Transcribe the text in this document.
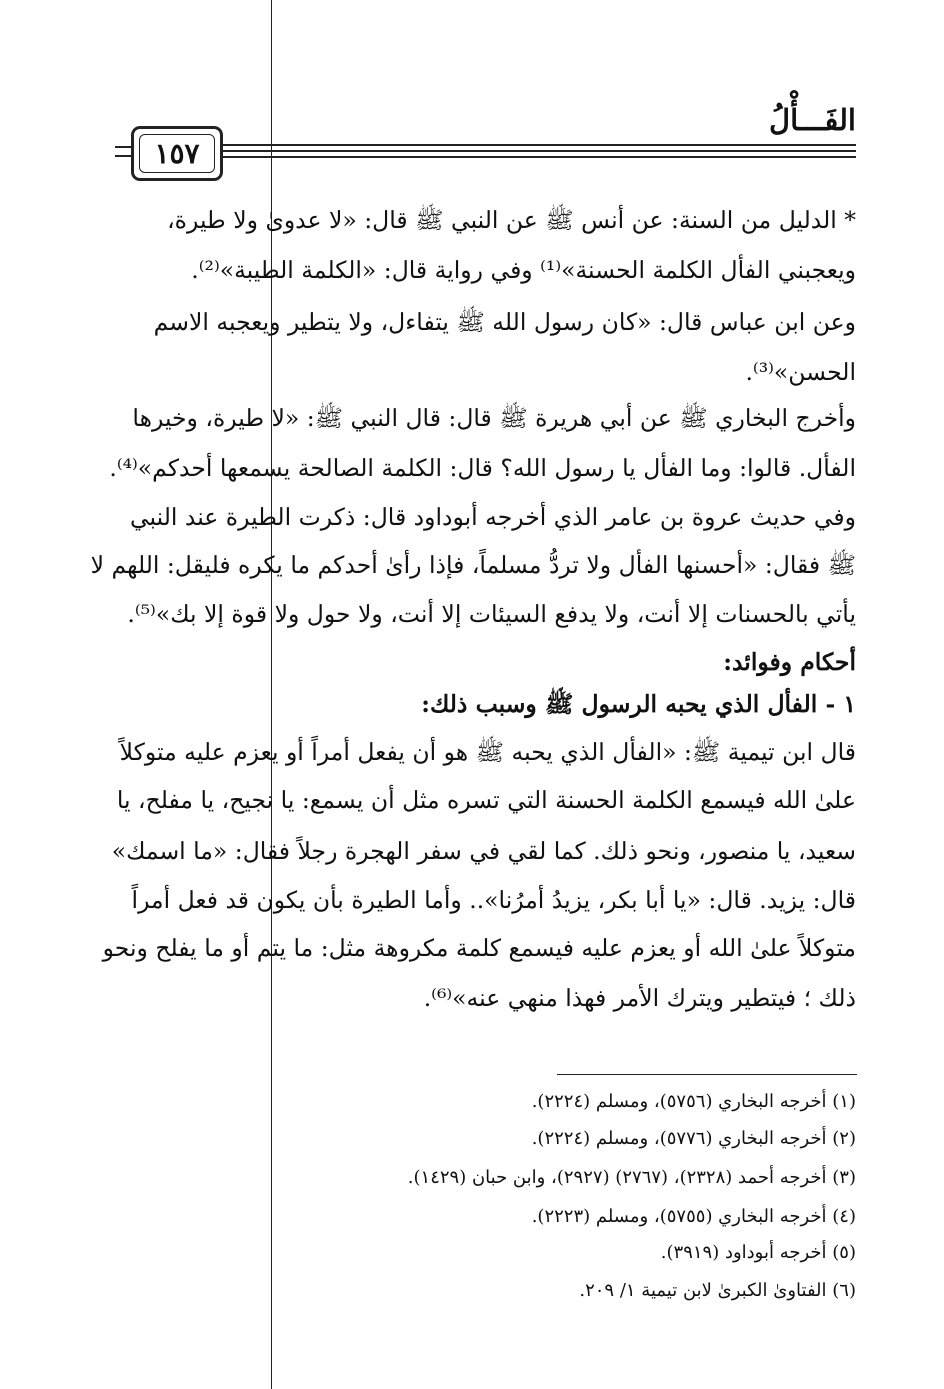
الفَـــأْلُ
١٥٧
* الدليل من السنة: عن أنس ﷺ عن النبي ﷺ قال: «لا عدوىٰ ولا طيرة،
ويعجبني الفأل الكلمة الحسنة»⁽¹⁾ وفي رواية قال: «الكلمة الطيبة»⁽²⁾.
وعن ابن عباس قال: «كان رسول الله ﷺ يتفاءل، ولا يتطير ويعجبه الاسم
الحسن»⁽³⁾.
وأخرج البخاري ﷺ عن أبي هريرة ﷺ قال: قال النبي ﷺ: «لا طيرة، وخيرها
الفأل. قالوا: وما الفأل يا رسول الله؟ قال: الكلمة الصالحة يسمعها أحدكم»⁽⁴⁾.
وفي حديث عروة بن عامر الذي أخرجه أبوداود قال: ذكرت الطيرة عند النبي
ﷺ فقال: «أحسنها الفأل ولا تردُّ مسلماً، فإذا رأىٰ أحدكم ما يكره فليقل: اللهم لا
يأتي بالحسنات إلا أنت، ولا يدفع السيئات إلا أنت، ولا حول ولا قوة إلا بك»⁽⁵⁾.
أحكام وفوائد:
١ - الفأل الذي يحبه الرسول ﷺ وسبب ذلك:
قال ابن تيمية ﷺ: «الفأل الذي يحبه ﷺ هو أن يفعل أمراً أو يعزم عليه متوكلاً
علىٰ الله فيسمع الكلمة الحسنة التي تسره مثل أن يسمع: يا نجيح، يا مفلح، يا
سعيد، يا منصور، ونحو ذلك. كما لقي في سفر الهجرة رجلاً فقال: «ما اسمك»
قال: يزيد. قال: «يا أبا بكر، يزيدُ أمرُنا».. وأما الطيرة بأن يكون قد فعل أمراً
متوكلاً علىٰ الله أو يعزم عليه فيسمع كلمة مكروهة مثل: ما يتم أو ما يفلح ونحو
ذلك ؛ فيتطير ويترك الأمر فهذا منهي عنه»⁽⁶⁾.
(١) أخرجه البخاري (٥٧٥٦)، ومسلم (٢٢٢٤).
(٢) أخرجه البخاري (٥٧٧٦)، ومسلم (٢٢٢٤).
(٣) أخرجه أحمد (٢٣٢٨)، (٢٧٦٧) (٢٩٢٧)، وابن حبان (١٤٢٩).
(٤) أخرجه البخاري (٥٧٥٥)، ومسلم (٢٢٢٣).
(٥) أخرجه أبوداود (٣٩١٩).
(٦) الفتاوىٰ الكبرىٰ لابن تيمية ١/ ٢٠٩.
